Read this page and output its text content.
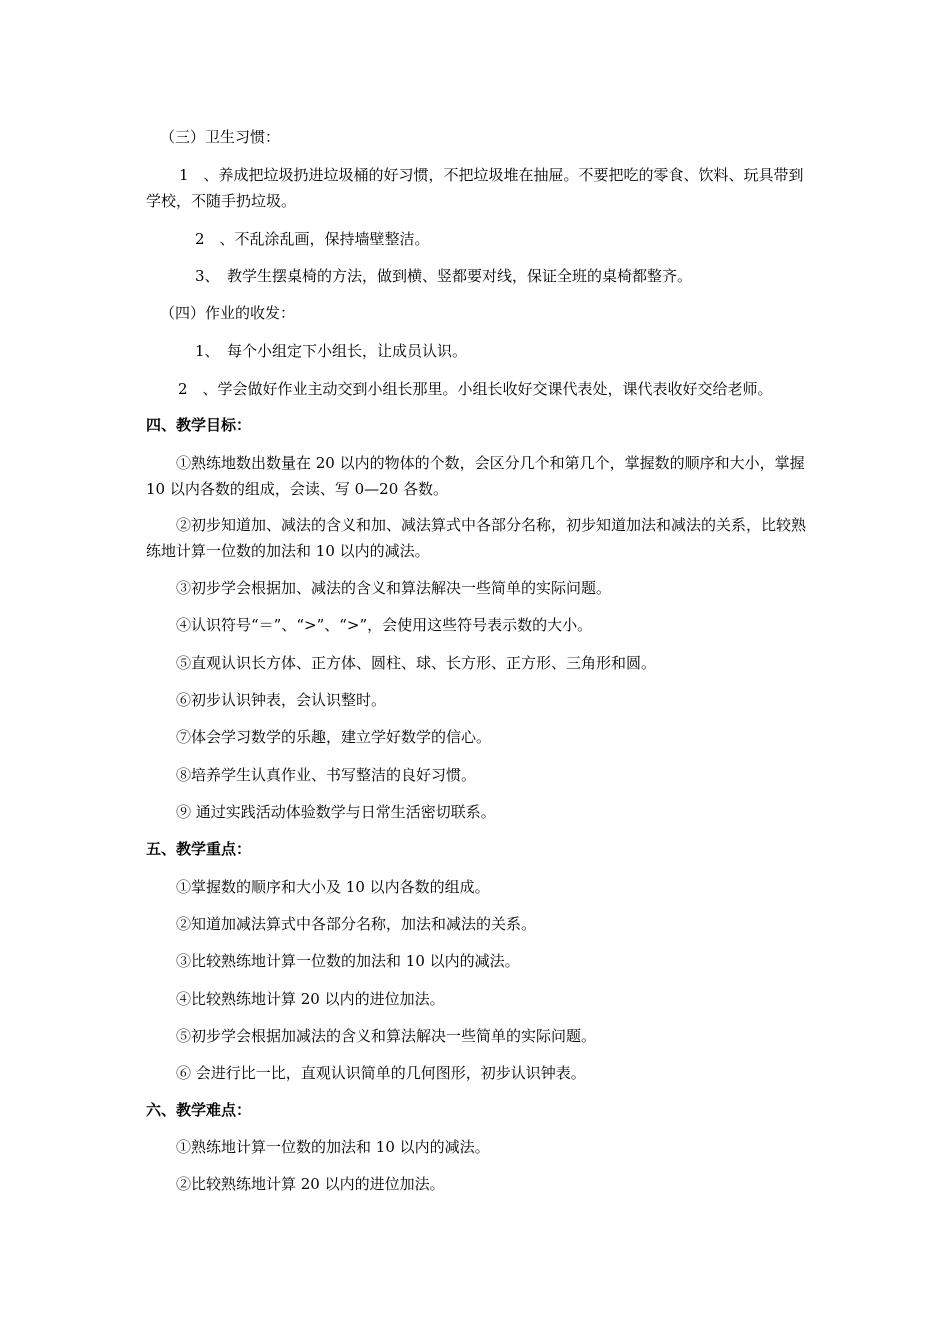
（三）卫生习惯：
1　、养成把垃圾扔进垃圾桶的好习惯，不把垃圾堆在抽屉。不要把吃的零食、饮料、玩具带到学校，不随手扔垃圾。
2　、不乱涂乱画，保持墙壁整洁。
3、　教学生摆桌椅的方法，做到横、竖都要对线，保证全班的桌椅都整齐。
（四）作业的收发：
1、　每个小组定下小组长，让成员认识。
2　、学会做好作业主动交到小组长那里。小组长收好交课代表处，课代表收好交给老师。
四、教学目标：
①熟练地数出数量在 20 以内的物体的个数，会区分几个和第几个，掌握数的顺序和大小，掌握 10 以内各数的组成，会读、写 0—20 各数。
②初步知道加、减法的含义和加、减法算式中各部分名称，初步知道加法和减法的关系，比较熟练地计算一位数的加法和 10 以内的减法。
③初步学会根据加、减法的含义和算法解决一些简单的实际问题。
④认识符号“＝”、“>”、“>”，会使用这些符号表示数的大小。
⑤直观认识长方体、正方体、圆柱、球、长方形、正方形、三角形和圆。
⑥初步认识钟表，会认识整时。
⑦体会学习数学的乐趣，建立学好数学的信心。
⑧培养学生认真作业、书写整洁的良好习惯。
⑨ 通过实践活动体验数学与日常生活密切联系。
五、教学重点：
①掌握数的顺序和大小及 10 以内各数的组成。
②知道加减法算式中各部分名称，加法和减法的关系。
③比较熟练地计算一位数的加法和 10 以内的减法。
④比较熟练地计算 20 以内的进位加法。
⑤初步学会根据加减法的含义和算法解决一些简单的实际问题。
⑥ 会进行比一比，直观认识简单的几何图形，初步认识钟表。
六、教学难点：
①熟练地计算一位数的加法和 10 以内的减法。
②比较熟练地计算 20 以内的进位加法。
